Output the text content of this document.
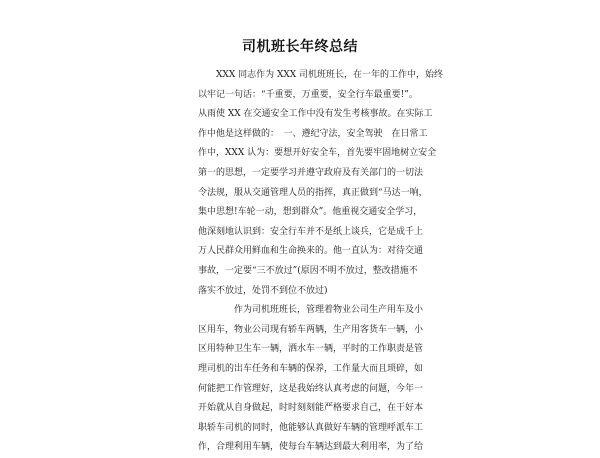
司机班长年终总结
　　XXX 同志作为 XXX 司机班班长，在一年的工作中，始终
以牢记一句话：“千重要，万重要，安全行车最重要!”。
从雨使 XX 在交通安全工作中没有发生考核事故。在实际工
作中他是这样做的：　一、遵纪守法，安全驾驶　在日常工
作中，XXX 认为：要想开好安全车，首先要牢固地树立安全
第一的思想，一定要学习并遵守政府及有关部门的一切法
令法规，服从交通管理人员的指挥，真正做到“马达一响，
集中思想!车轮一动，想到群众”。他重视交通安全学习，
他深刻地认识到：安全行车并不是纸上谈兵，它是成千上
万人民群众用鲜血和生命换来的。他一直认为：对待交通
事故，一定要“三不放过”(原因不明不放过，整改措施不
落实不放过，处罚不到位不放过)
　　　　作为司机班班长，管理着物业公司生产用车及小
区用车，物业公司现有轿车两辆，生产用客货车一辆，小
区用特种卫生车一辆，洒水车一辆，平时的工作职责是管
理司机的出车任务和车辆的保养，工作量大而且琐碎，如
何能把工作管理好，这是我始终认真考虑的问题，今年一
开始就从自身做起，时时刻刻能严格要求自己，在干好本
职轿车司机的同时，他能够认真做好车辆的管理呼派车工
作，合理利用车辆，使每台车辆达到最大利用率，为了给
